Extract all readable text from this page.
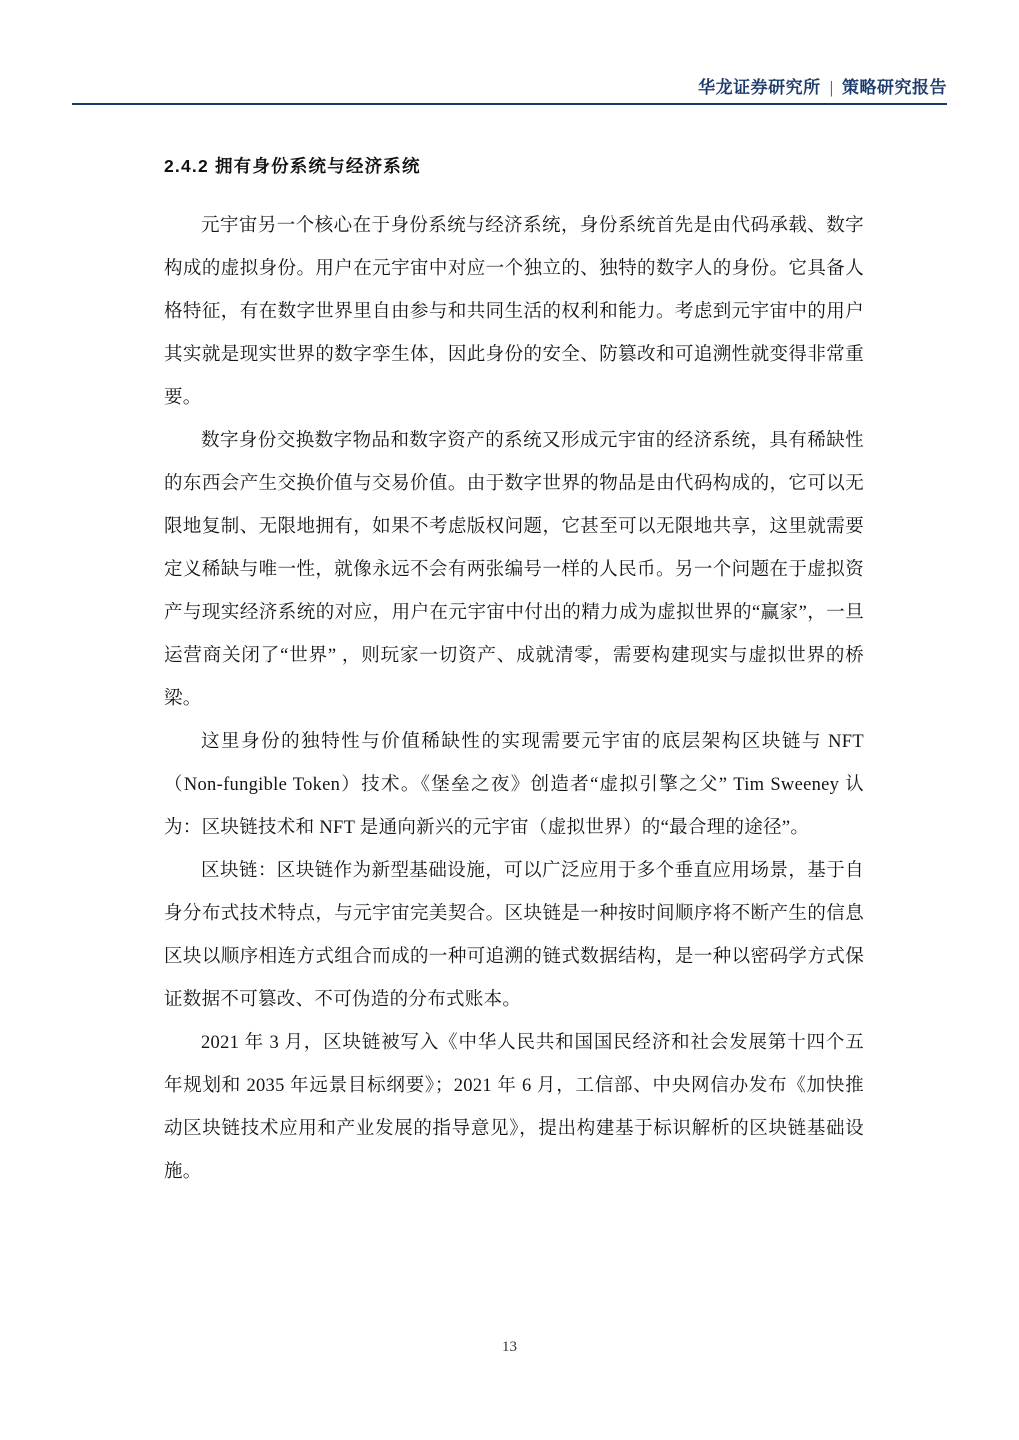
华龙证券研究所 | 策略研究报告
2.4.2 拥有身份系统与经济系统

元宇宙另一个核心在于身份系统与经济系统，身份系统首先是由代码承载、数字构成的虚拟身份。用户在元宇宙中对应一个独立的、独特的数字人的身份。它具备人格特征，有在数字世界里自由参与和共同生活的权利和能力。考虑到元宇宙中的用户其实就是现实世界的数字孪生体，因此身份的安全、防篡改和可追溯性就变得非常重要。

数字身份交换数字物品和数字资产的系统又形成元宇宙的经济系统，具有稀缺性的东西会产生交换价值与交易价值。由于数字世界的物品是由代码构成的，它可以无限地复制、无限地拥有，如果不考虑版权问题，它甚至可以无限地共享，这里就需要定义稀缺与唯一性，就像永远不会有两张编号一样的人民币。另一个问题在于虚拟资产与现实经济系统的对应，用户在元宇宙中付出的精力成为虚拟世界的“赢家”，一旦运营商关闭了“世界” ，则玩家一切资产、成就清零，需要构建现实与虚拟世界的桥梁。

这里身份的独特性与价值稀缺性的实现需要元宇宙的底层架构区块链与 NFT（Non-fungible Token）技术。《堡垒之夜》创造者“虚拟引擎之父” Tim Sweeney 认为：区块链技术和 NFT 是通向新兴的元宇宙（虚拟世界）的“最合理的途径”。

区块链：区块链作为新型基础设施，可以广泛应用于多个垂直应用场景，基于自身分布式技术特点，与元宇宙完美契合。区块链是一种按时间顺序将不断产生的信息区块以顺序相连方式组合而成的一种可追溯的链式数据结构，是一种以密码学方式保证数据不可篡改、不可伪造的分布式账本。

2021 年 3 月，区块链被写入《中华人民共和国国民经济和社会发展第十四个五年规划和 2035 年远景目标纲要》；2021 年 6 月，工信部、中央网信办发布《加快推动区块链技术应用和产业发展的指导意见》，提出构建基于标识解析的区块链基础设施。

13
